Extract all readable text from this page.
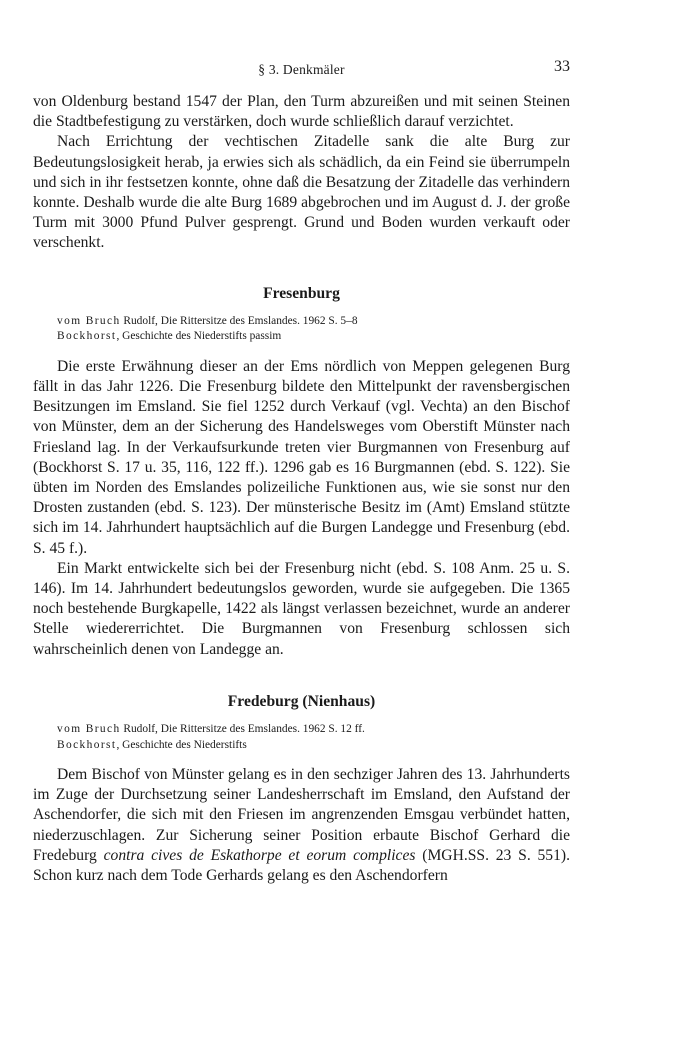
§ 3. Denkmäler	33

von Oldenburg bestand 1547 der Plan, den Turm abzureißen und mit seinen Steinen die Stadtbefestigung zu verstärken, doch wurde schließlich darauf verzichtet.

Nach Errichtung der vechtischen Zitadelle sank die alte Burg zur Bedeutungslosigkeit herab, ja erwies sich als schädlich, da ein Feind sie überrumpeln und sich in ihr festsetzen konnte, ohne daß die Besatzung der Zitadelle das verhindern konnte. Deshalb wurde die alte Burg 1689 abgebrochen und im August d. J. der große Turm mit 3000 Pfund Pulver gesprengt. Grund und Boden wurden verkauft oder verschenkt.

Fresenburg
vom Bruch Rudolf, Die Rittersitze des Emslandes. 1962 S. 5–8
Bockhorst, Geschichte des Niederstifts passim

Die erste Erwähnung dieser an der Ems nördlich von Meppen gelegenen Burg fällt in das Jahr 1226. Die Fresenburg bildete den Mittelpunkt der ravensbergischen Besitzungen im Emsland. Sie fiel 1252 durch Verkauf (vgl. Vechta) an den Bischof von Münster, dem an der Sicherung des Handelsweges vom Oberstift Münster nach Friesland lag. In der Verkaufsurkunde treten vier Burgmannen von Fresenburg auf (Bockhorst S. 17 u. 35, 116, 122 ff.). 1296 gab es 16 Burgmannen (ebd. S. 122). Sie übten im Norden des Emslandes polizeiliche Funktionen aus, wie sie sonst nur den Drosten zustanden (ebd. S. 123). Der münsterische Besitz im (Amt) Emsland stützte sich im 14. Jahrhundert hauptsächlich auf die Burgen Landegge und Fresenburg (ebd. S. 45 f.).

Ein Markt entwickelte sich bei der Fresenburg nicht (ebd. S. 108 Anm. 25 u. S. 146). Im 14. Jahrhundert bedeutungslos geworden, wurde sie aufgegeben. Die 1365 noch bestehende Burgkapelle, 1422 als längst verlassen bezeichnet, wurde an anderer Stelle wiedererrichtet. Die Burgmannen von Fresenburg schlossen sich wahrscheinlich denen von Landegge an.

Fredeburg (Nienhaus)
vom Bruch Rudolf, Die Rittersitze des Emslandes. 1962 S. 12 ff.
Bockhorst, Geschichte des Niederstifts

Dem Bischof von Münster gelang es in den sechziger Jahren des 13. Jahrhunderts im Zuge der Durchsetzung seiner Landesherrschaft im Emsland, den Aufstand der Aschendorfer, die sich mit den Friesen im angrenzenden Emsgau verbündet hatten, niederzuschlagen. Zur Sicherung seiner Position erbaute Bischof Gerhard die Fredeburg contra cives de Eskathorpe et eorum complices (MGH.SS. 23 S. 551). Schon kurz nach dem Tode Gerhards gelang es den Aschendorfern
